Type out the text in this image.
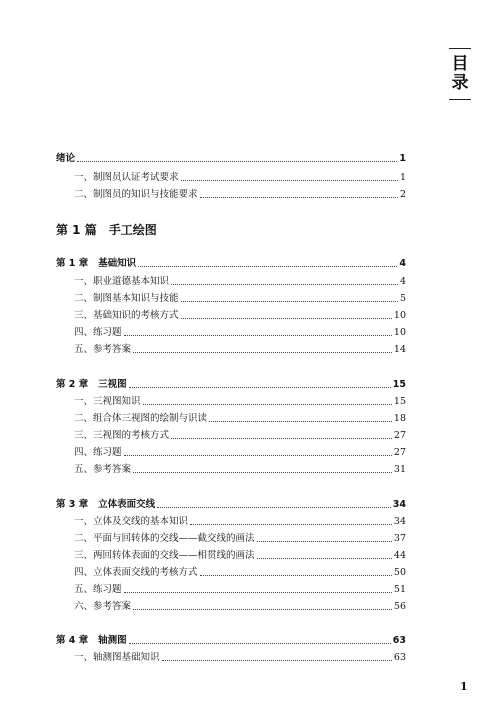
目
录
绪论	1
一、制图员认证考试要求	1
二、制图员的知识与技能要求	2
第 1 篇 手工绘图
第 1 章 基础知识	4
一、职业道德基本知识	4
二、制图基本知识与技能	5
三、基础知识的考核方式	10
四、练习题	10
五、参考答案	14
第 2 章 三视图	15
一、三视图知识	15
二、组合体三视图的绘制与识读	18
三、三视图的考核方式	27
四、练习题	27
五、参考答案	31
第 3 章 立体表面交线	34
一、立体及交线的基本知识	34
二、平面与回转体的交线——截交线的画法	37
三、两回转体表面的交线——相贯线的画法	44
四、立体表面交线的考核方式	50
五、练习题	51
六、参考答案	56
第 4 章 轴测图	63
一、轴测图基础知识	63
1
